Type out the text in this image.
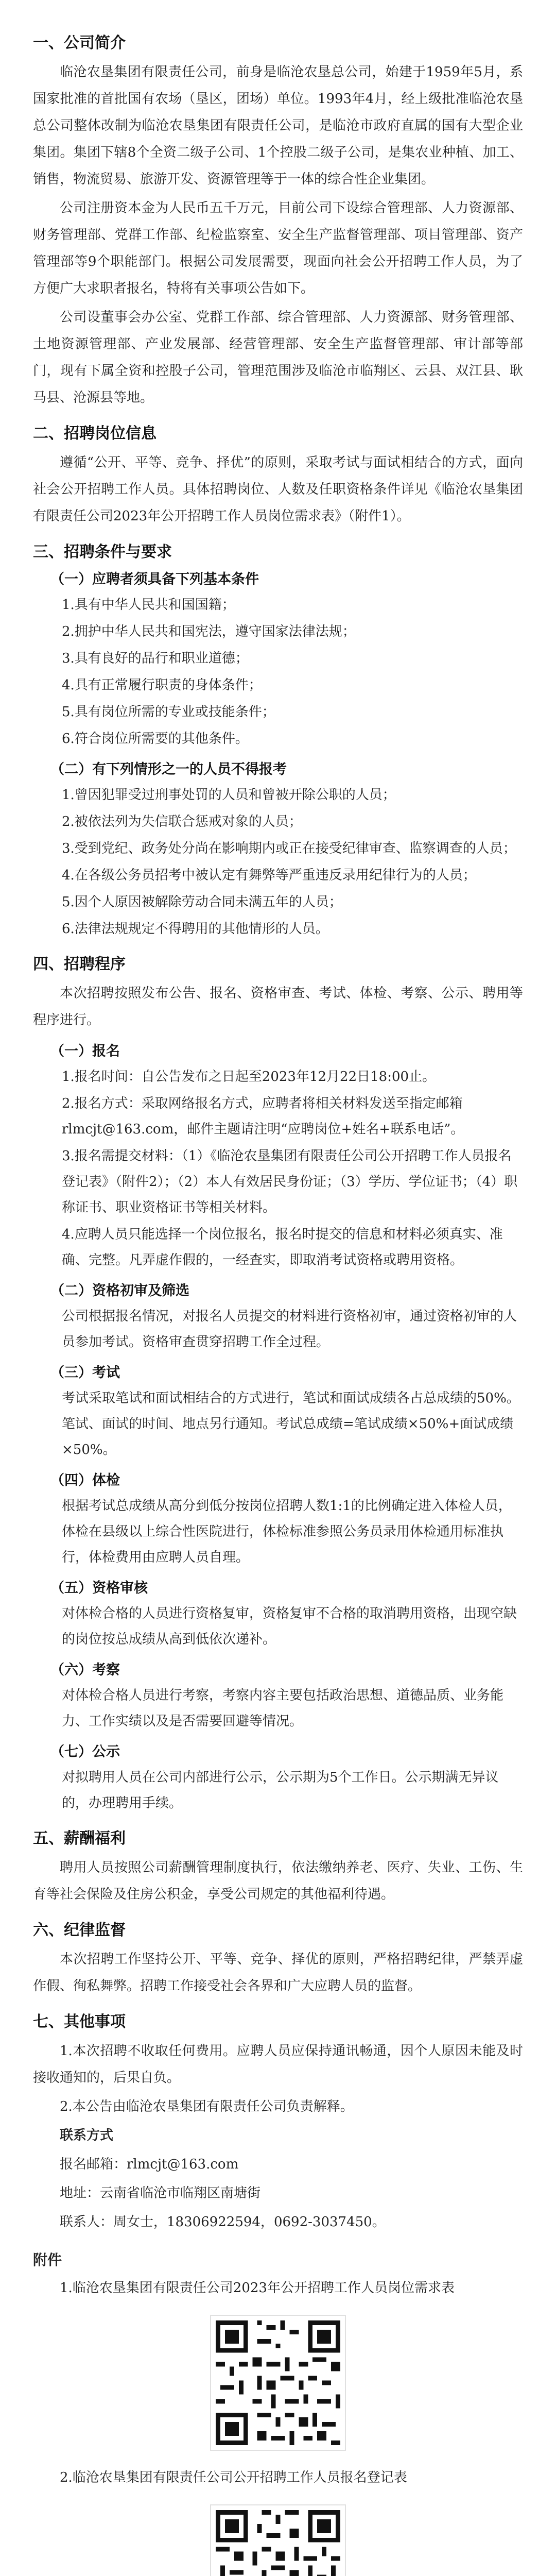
一、公司简介

临沧农垦集团有限责任公司，前身是临沧农垦总公司，始建于1959年5月，系国家批准的首批国有农场（垦区，团场）单位。1993年4月，经上级批准临沧农垦总公司整体改制为临沧农垦集团有限责任公司，是临沧市政府直属的国有大型企业集团。集团下辖8个全资二级子公司、1个控股二级子公司，是集农业种植、加工、销售，物流贸易、旅游开发、资源管理等于一体的综合性企业集团。

公司注册资本金为人民币五千万元，目前公司下设综合管理部、人力资源部、财务管理部、党群工作部、纪检监察室、安全生产监督管理部、项目管理部、资产管理部等9个职能部门。根据公司发展需要，现面向社会公开招聘工作人员，为了方便广大求职者报名，特将有关事项公告如下。

公司设董事会办公室、党群工作部、综合管理部、人力资源部、财务管理部、土地资源管理部、产业发展部、经营管理部、安全生产监督管理部、审计部等部门，现有下属全资和控股子公司，管理范围涉及临沧市临翔区、云县、双江县、耿马县、沧源县等地。

二、招聘岗位信息

遵循“公开、平等、竞争、择优”的原则，采取考试与面试相结合的方式，面向社会公开招聘工作人员。具体招聘岗位、人数及任职资格条件详见《临沧农垦集团有限责任公司2023年公开招聘工作人员岗位需求表》（附件1）。

三、招聘条件与要求
（一）应聘者须具备下列基本条件

1.具有中华人民共和国国籍；

2.拥护中华人民共和国宪法，遵守国家法律法规；

3.具有良好的品行和职业道德；

4.具有正常履行职责的身体条件；

5.具有岗位所需的专业或技能条件；

6.符合岗位所需要的其他条件。

（二）有下列情形之一的人员不得报考

1.曾因犯罪受过刑事处罚的人员和曾被开除公职的人员；

2.被依法列为失信联合惩戒对象的人员；

3.受到党纪、政务处分尚在影响期内或正在接受纪律审查、监察调查的人员；

4.在各级公务员招考中被认定有舞弊等严重违反录用纪律行为的人员；

5.因个人原因被解除劳动合同未满五年的人员；

6.法律法规规定不得聘用的其他情形的人员。

四、招聘程序

本次招聘按照发布公告、报名、资格审查、考试、体检、考察、公示、聘用等程序进行。

（一）报名

1.报名时间：自公告发布之日起至2023年12月22日18:00止。

2.报名方式：采取网络报名方式，应聘者将相关材料发送至指定邮箱rlmcjt@163.com，邮件主题请注明“应聘岗位+姓名+联系电话”。

3.报名需提交材料：（1）《临沧农垦集团有限责任公司公开招聘工作人员报名登记表》（附件2）；（2）本人有效居民身份证；（3）学历、学位证书；（4）职称证书、职业资格证书等相关材料。

4.应聘人员只能选择一个岗位报名，报名时提交的信息和材料必须真实、准确、完整。凡弄虚作假的，一经查实，即取消考试资格或聘用资格。

（二）资格初审及筛选

公司根据报名情况，对报名人员提交的材料进行资格初审，通过资格初审的人员参加考试。资格审查贯穿招聘工作全过程。

（三）考试

考试采取笔试和面试相结合的方式进行，笔试和面试成绩各占总成绩的50%。笔试、面试的时间、地点另行通知。考试总成绩=笔试成绩×50%+面试成绩×50%。

（四）体检

根据考试总成绩从高分到低分按岗位招聘人数1:1的比例确定进入体检人员，体检在县级以上综合性医院进行，体检标准参照公务员录用体检通用标准执行，体检费用由应聘人员自理。

（五）资格审核

对体检合格的人员进行资格复审，资格复审不合格的取消聘用资格，出现空缺的岗位按总成绩从高到低依次递补。

（六）考察

对体检合格人员进行考察，考察内容主要包括政治思想、道德品质、业务能力、工作实绩以及是否需要回避等情况。

（七）公示

对拟聘用人员在公司内部进行公示，公示期为5个工作日。公示期满无异议的，办理聘用手续。

五、薪酬福利

聘用人员按照公司薪酬管理制度执行，依法缴纳养老、医疗、失业、工伤、生育等社会保险及住房公积金，享受公司规定的其他福利待遇。

六、纪律监督

本次招聘工作坚持公开、平等、竞争、择优的原则，严格招聘纪律，严禁弄虚作假、徇私舞弊。招聘工作接受社会各界和广大应聘人员的监督。

七、其他事项

1.本次招聘不收取任何费用。应聘人员应保持通讯畅通，因个人原因未能及时接收通知的，后果自负。

2.本公告由临沧农垦集团有限责任公司负责解释。

联系方式

报名邮箱：rlmcjt@163.com

地址：云南省临沧市临翔区南塘街

联系人：周女士，18306922594，0692-3037450。

附件

1.临沧农垦集团有限责任公司2023年公开招聘工作人员岗位需求表

2.临沧农垦集团有限责任公司公开招聘工作人员报名登记表
